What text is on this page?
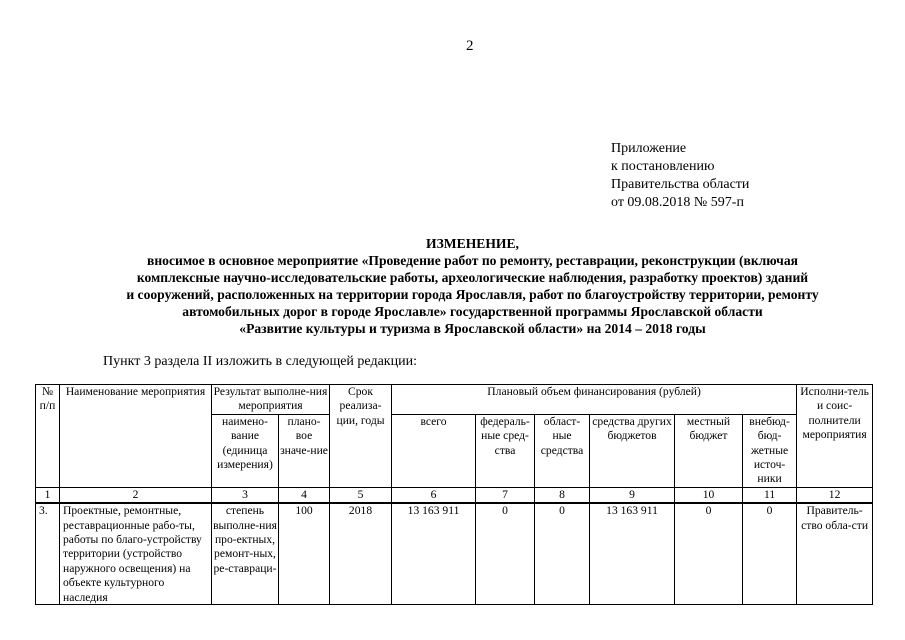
2
Приложение
к постановлению
Правительства области
от 09.08.2018 № 597-п
ИЗМЕНЕНИЕ,
вносимое в основное мероприятие «Проведение работ по ремонту, реставрации, реконструкции (включая
комплексные научно-исследовательские работы, археологические наблюдения, разработку проектов) зданий
и сооружений, расположенных на территории города Ярославля, работ по благоустройству территории, ремонту
автомобильных дорог в городе Ярославле» государственной программы Ярославской области
«Развитие культуры и туризма в Ярославской области» на 2014 – 2018 годы
Пункт 3 раздела II изложить в следующей редакции:
№ п/п	Наименование мероприятия	Результат выполне-ния мероприятия		Срок реализа-ции, годы	Плановый объем финансирования (рублей)						Исполни-тель и соис-полнители мероприятия
		наимено-вание (единица измерения)	плано-вое значе-ние		всего	федераль-ные сред-ства	област-ные средства	средства других бюджетов	местный бюджет	внебюд-бюд-жетные источ-ники	
1	2	3	4	5	6	7	8	9	10	11	12

3.	Проектные, ремонтные, реставрационные рабо-ты, работы по благо-устройству территории (устройство наружного освещения) на объекте культурного наследия	степень выполне-ния про-ектных, ремонт-ных, ре-ставраци-	100	2018	13 163 911	0	0	13 163 911	0	0	Правитель-ство обла-сти
